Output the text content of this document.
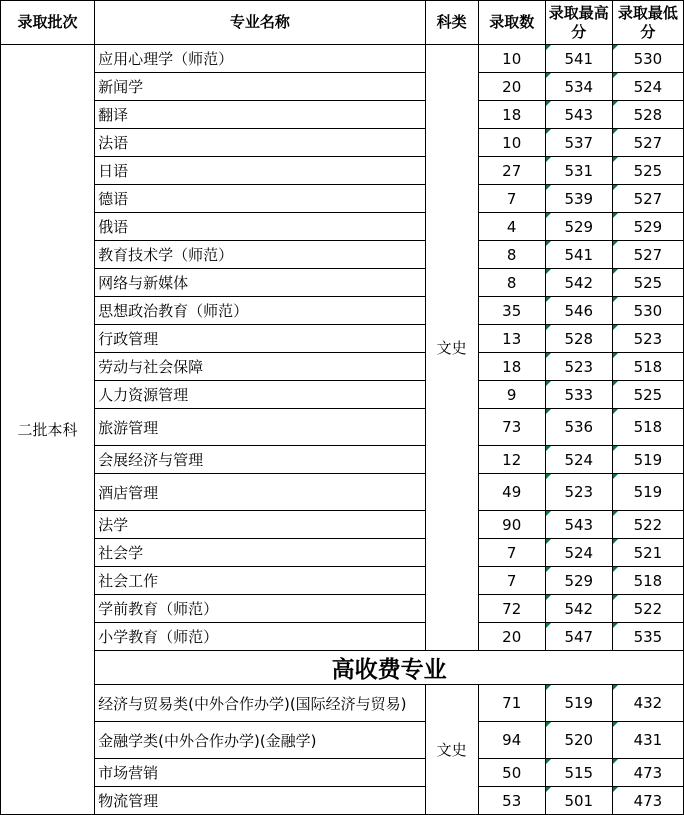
录取批次	专业名称	科类	录取数	录取最高分	录取最低分
二批本科	应用心理学（师范）	文史	10	541	530
	新闻学		20	534	524
	翻译		18	543	528
	法语		10	537	527
	日语		27	531	525
	德语		7	539	527
	俄语		4	529	529
	教育技术学（师范）		8	541	527
	网络与新媒体		8	542	525
	思想政治教育（师范）		35	546	530
	行政管理		13	528	523
	劳动与社会保障		18	523	518
	人力资源管理		9	533	525
	旅游管理		73	536	518
	会展经济与管理		12	524	519
	酒店管理		49	523	519
	法学		90	543	522
	社会学		7	524	521
	社会工作		7	529	518
	学前教育（师范）		72	542	522
	小学教育（师范）		20	547	535
	高收费专业				
	经济与贸易类(中外合作办学)(国际经济与贸易)	文史	71	519	432
	金融学类(中外合作办学)(金融学)		94	520	431
	市场营销		50	515	473
	物流管理		53	501	473
